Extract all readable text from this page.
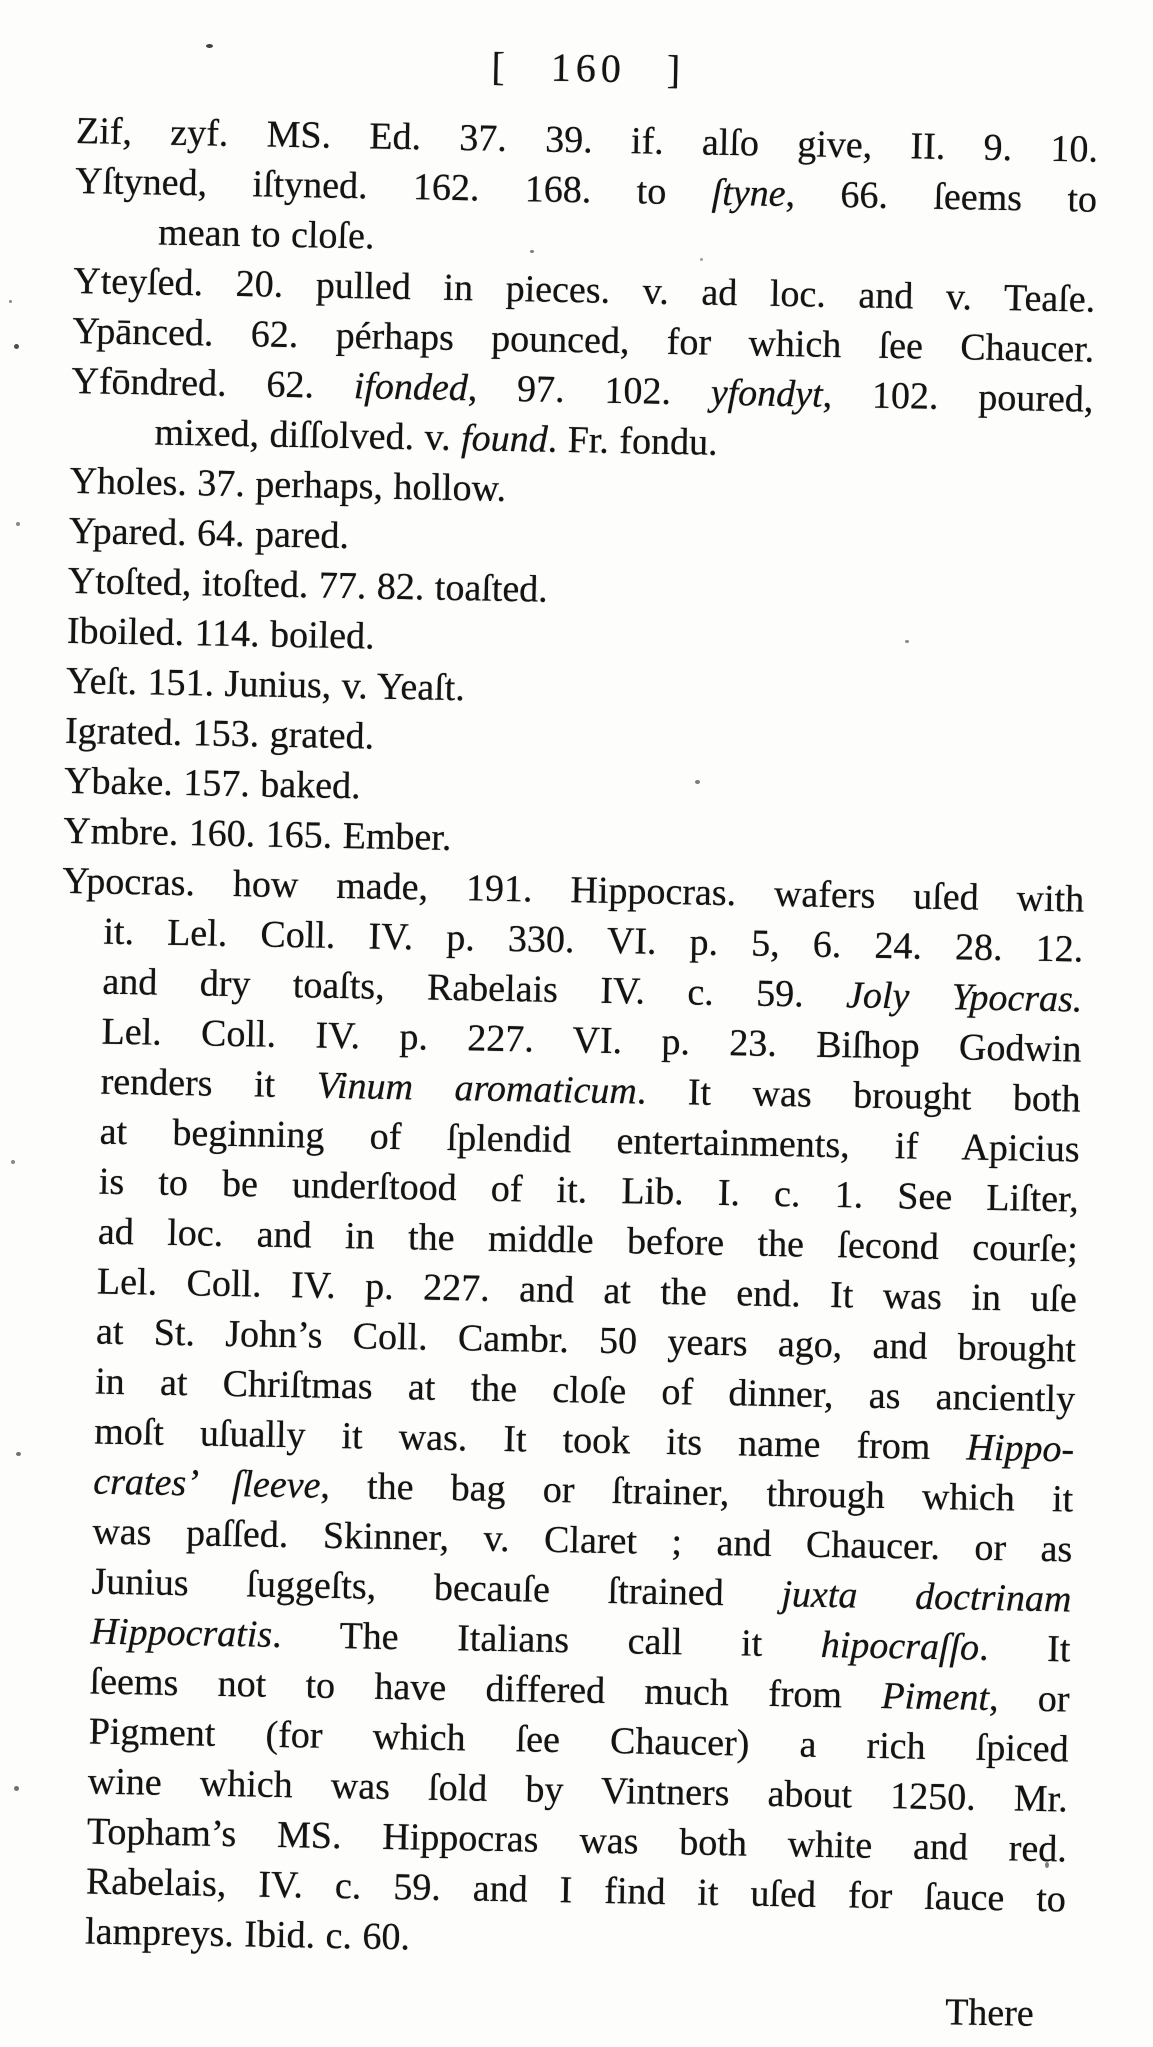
[ 160 ]
Zif, zyf. MS. Ed. 37. 39. if. alſo give, II. 9. 10.
Yſtyned, iſtyned. 162. 168. to ſtyne, 66. ſeems to
mean to cloſe.
Yteyſed. 20. pulled in pieces. v. ad loc. and v. Teaſe.
Ypānced. 62. pérhaps pounced, for which ſee Chaucer.
Yfōndred. 62. ifonded, 97. 102. yfondyt, 102. poured,
mixed, diſſolved. v. found. Fr. fondu.
Yholes. 37. perhaps, hollow.
Ypared. 64. pared.
Ytoſted, itoſted. 77. 82. toaſted.
Iboiled. 114. boiled.
Yeſt. 151. Junius, v. Yeaſt.
Igrated. 153. grated.
Ybake. 157. baked.
Ymbre. 160. 165. Ember.
Ypocras. how made, 191. Hippocras. wafers uſed with
it. Lel. Coll. IV. p. 330. VI. p. 5, 6. 24. 28. 12.
and dry toaſts, Rabelais IV. c. 59. Joly Ypocras.
Lel. Coll. IV. p. 227. VI. p. 23. Biſhop Godwin
renders it Vinum aromaticum. It was brought both
at beginning of ſplendid entertainments, if Apicius
is to be underſtood of it. Lib. I. c. 1. See Liſter,
ad loc. and in the middle before the ſecond courſe;
Lel. Coll. IV. p. 227. and at the end. It was in uſe
at St. John’s Coll. Cambr. 50 years ago, and brought
in at Chriſtmas at the cloſe of dinner, as anciently
moſt uſually it was. It took its name from Hippo-
crates’ ſleeve, the bag or ſtrainer, through which it
was paſſed. Skinner, v. Claret ; and Chaucer. or as
Junius ſuggeſts, becauſe ſtrained juxta doctrinam
Hippocratis. The Italians call it hipocraſſo. It
ſeems not to have differed much from Piment, or
Pigment (for which ſee Chaucer) a rich ſpiced
wine which was ſold by Vintners about 1250. Mr.
Topham’s MS. Hippocras was both white and red.
Rabelais, IV. c. 59. and I find it uſed for ſauce to
lampreys. Ibid. c. 60.
There
